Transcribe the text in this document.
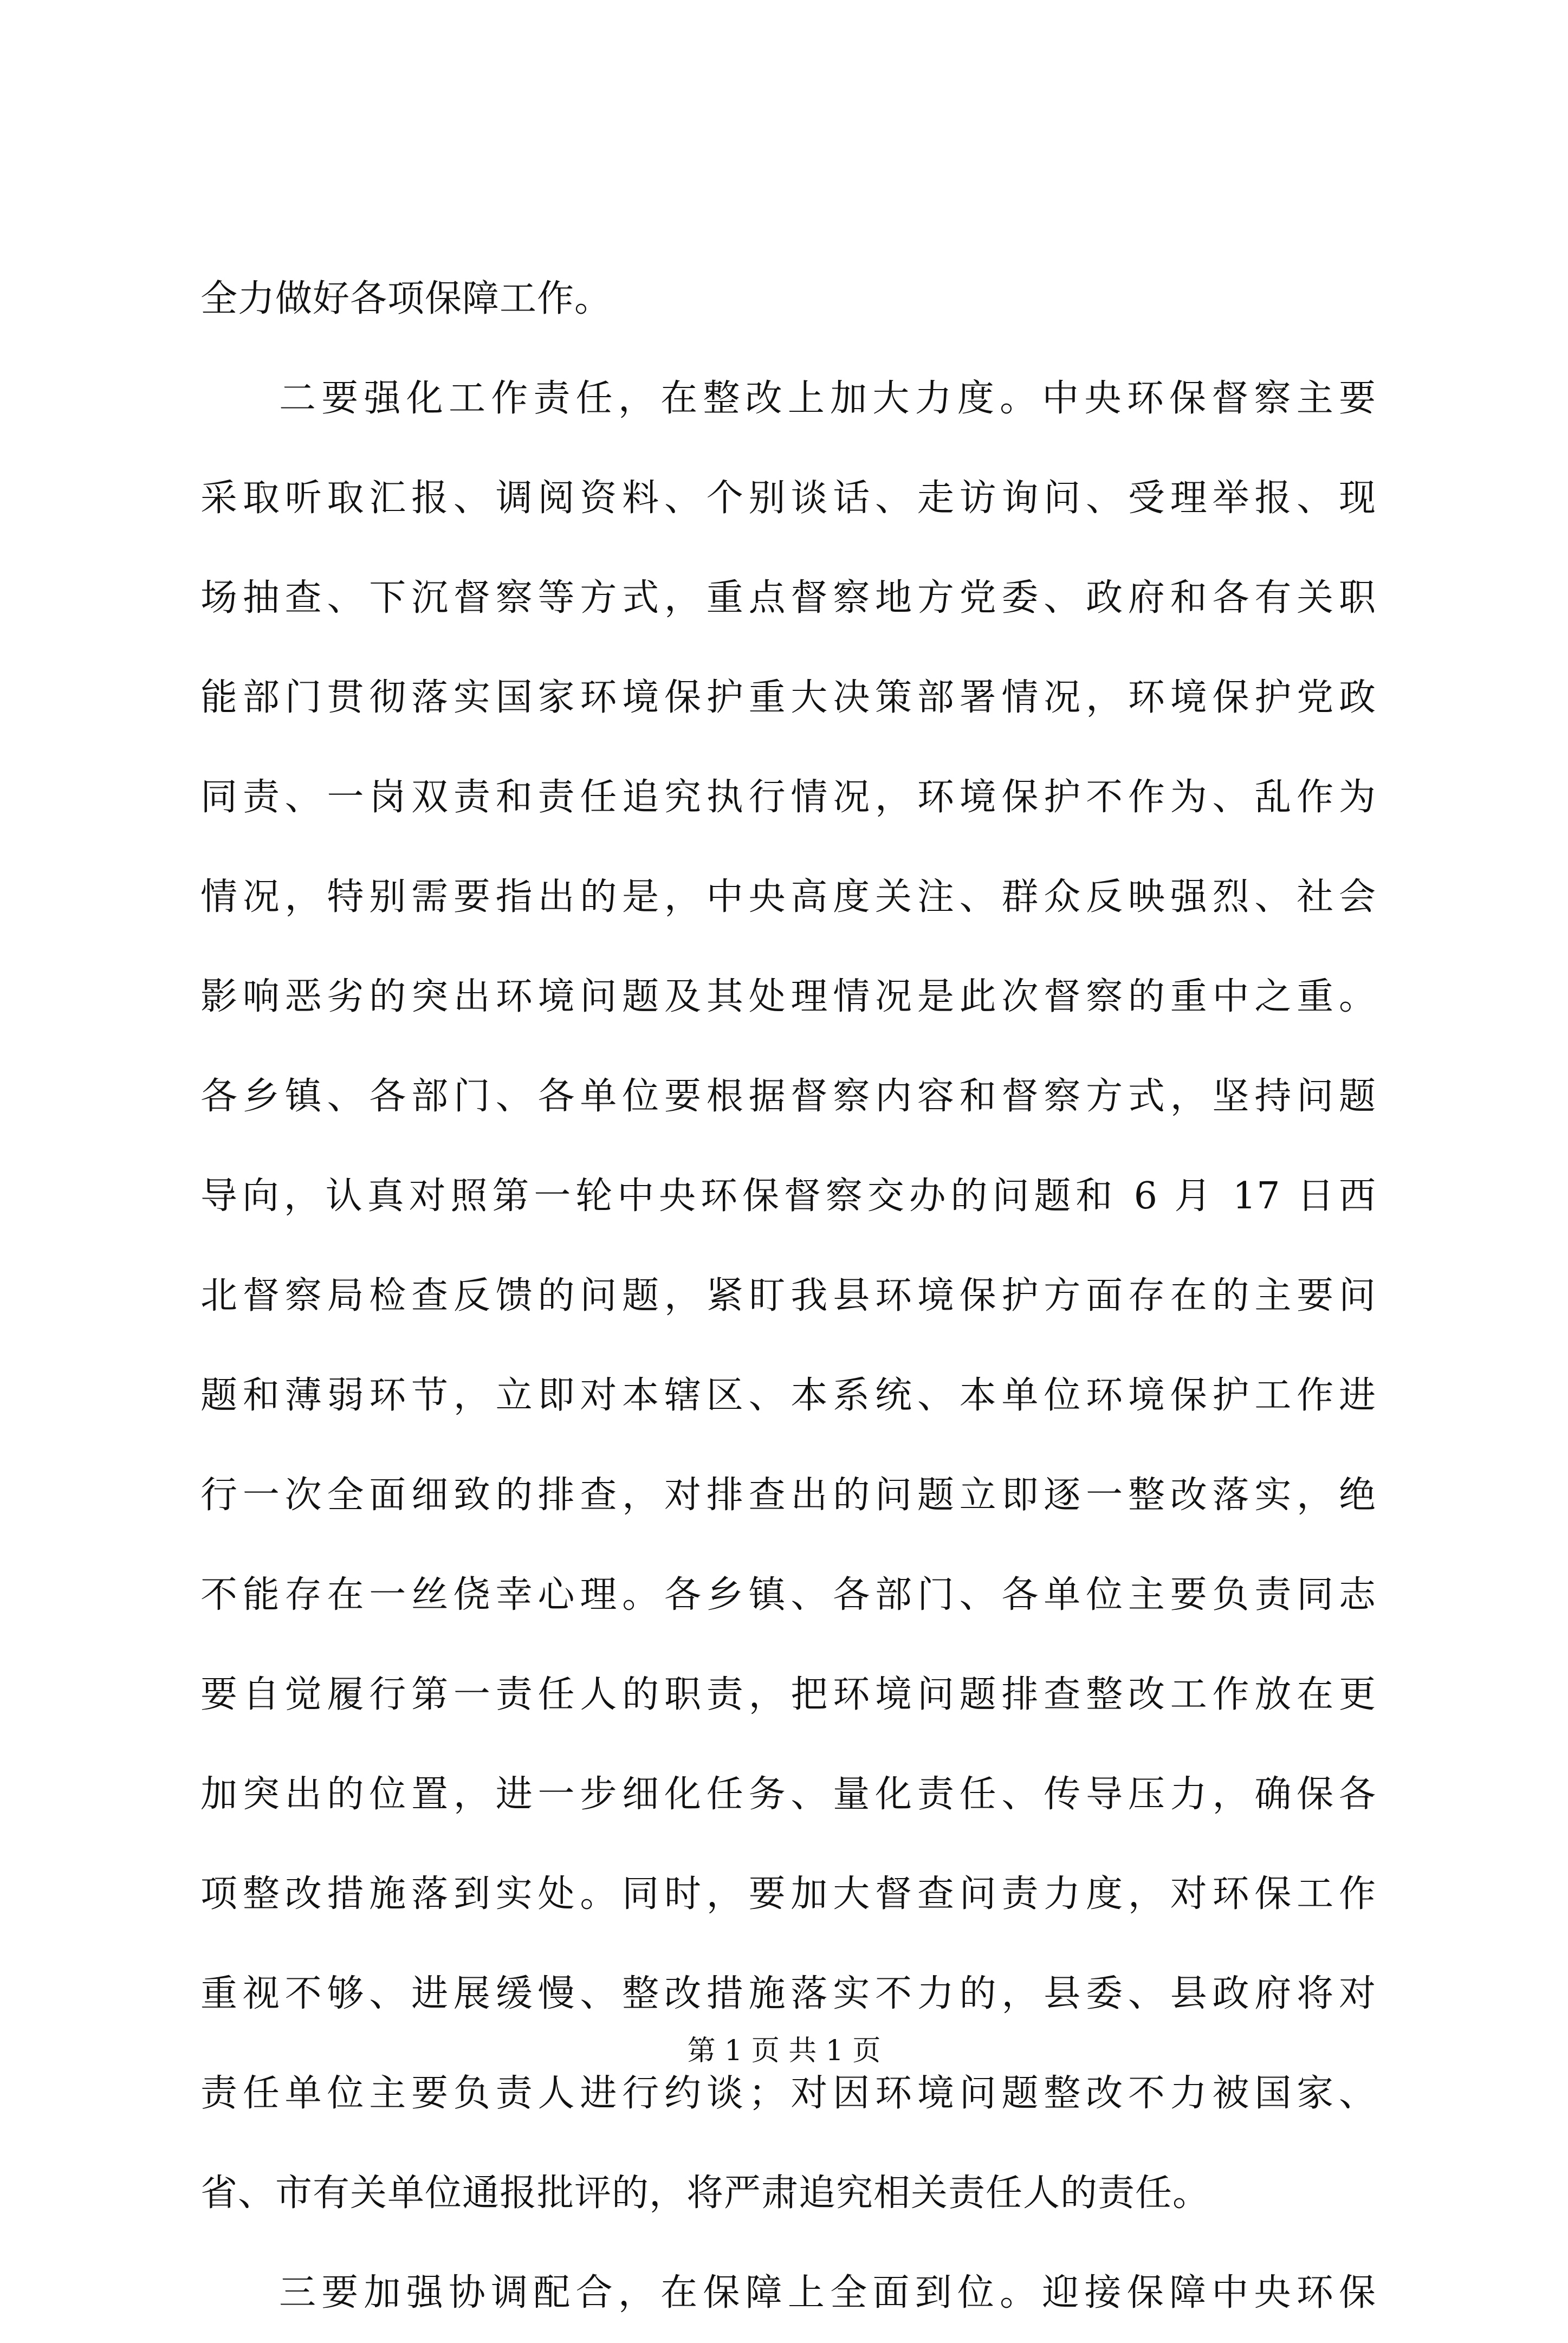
全力做好各项保障工作。
二要强化工作责任，在整改上加大力度。中央环保督察主要
采取听取汇报、调阅资料、个别谈话、走访询问、受理举报、现
场抽查、下沉督察等方式，重点督察地方党委、政府和各有关职
能部门贯彻落实国家环境保护重大决策部署情况，环境保护党政
同责、一岗双责和责任追究执行情况，环境保护不作为、乱作为
情况，特别需要指出的是，中央高度关注、群众反映强烈、社会
影响恶劣的突出环境问题及其处理情况是此次督察的重中之重。
各乡镇、各部门、各单位要根据督察内容和督察方式，坚持问题
导向，认真对照第一轮中央环保督察交办的问题和 6 月 17 日西
北督察局检查反馈的问题，紧盯我县环境保护方面存在的主要问
题和薄弱环节，立即对本辖区、本系统、本单位环境保护工作进
行一次全面细致的排查，对排查出的问题立即逐一整改落实，绝
不能存在一丝侥幸心理。各乡镇、各部门、各单位主要负责同志
要自觉履行第一责任人的职责，把环境问题排查整改工作放在更
加突出的位置，进一步细化任务、量化责任、传导压力，确保各
项整改措施落到实处。同时，要加大督查问责力度，对环保工作
重视不够、进展缓慢、整改措施落实不力的，县委、县政府将对
责任单位主要负责人进行约谈；对因环境问题整改不力被国家、
省、市有关单位通报批评的，将严肃追究相关责任人的责任。
三要加强协调配合，在保障上全面到位。迎接保障中央环保
第 1 页 共 1 页
